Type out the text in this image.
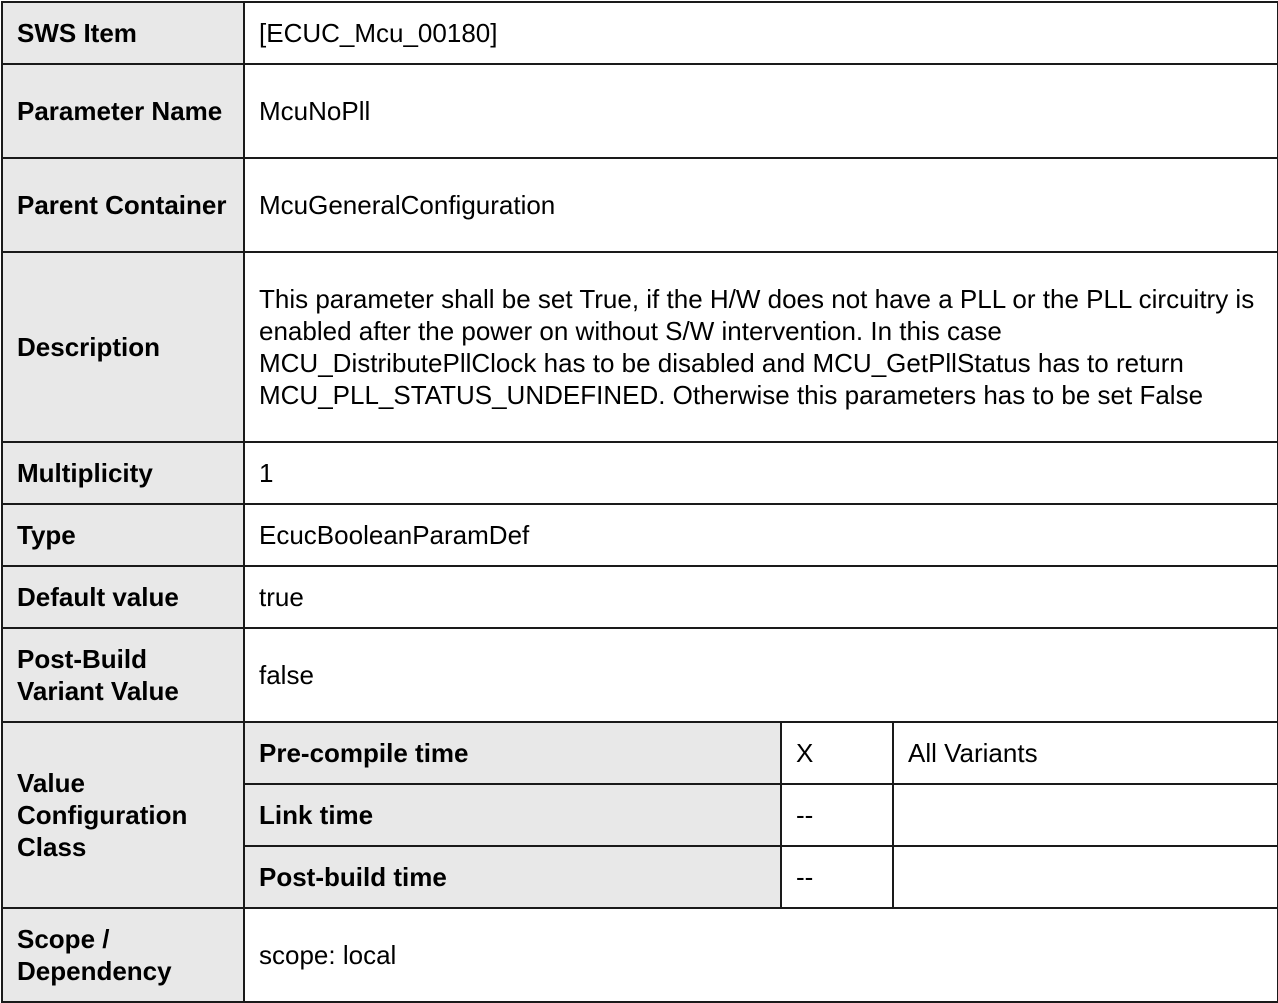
SWS Item	[ECUC_Mcu_00180]		
Parameter Name	McuNoPll		
Parent Container	McuGeneralConfiguration		
Description	This parameter shall be set True, if the H/W does not have a PLL or the PLL circuitry is enabled after the power on without S/W intervention. In this case MCU_DistributePllClock has to be disabled and MCU_GetPllStatus has to return MCU_PLL_STATUS_UNDEFINED. Otherwise this parameters has to be set False		
Multiplicity	1		
Type	EcucBooleanParamDef		
Default value	true		
Post-Build Variant Value	false		
Value Configuration Class	Pre-compile time	X	All Variants
	Link time	--	
	Post-build time	--	
Scope / Dependency	scope: local		
